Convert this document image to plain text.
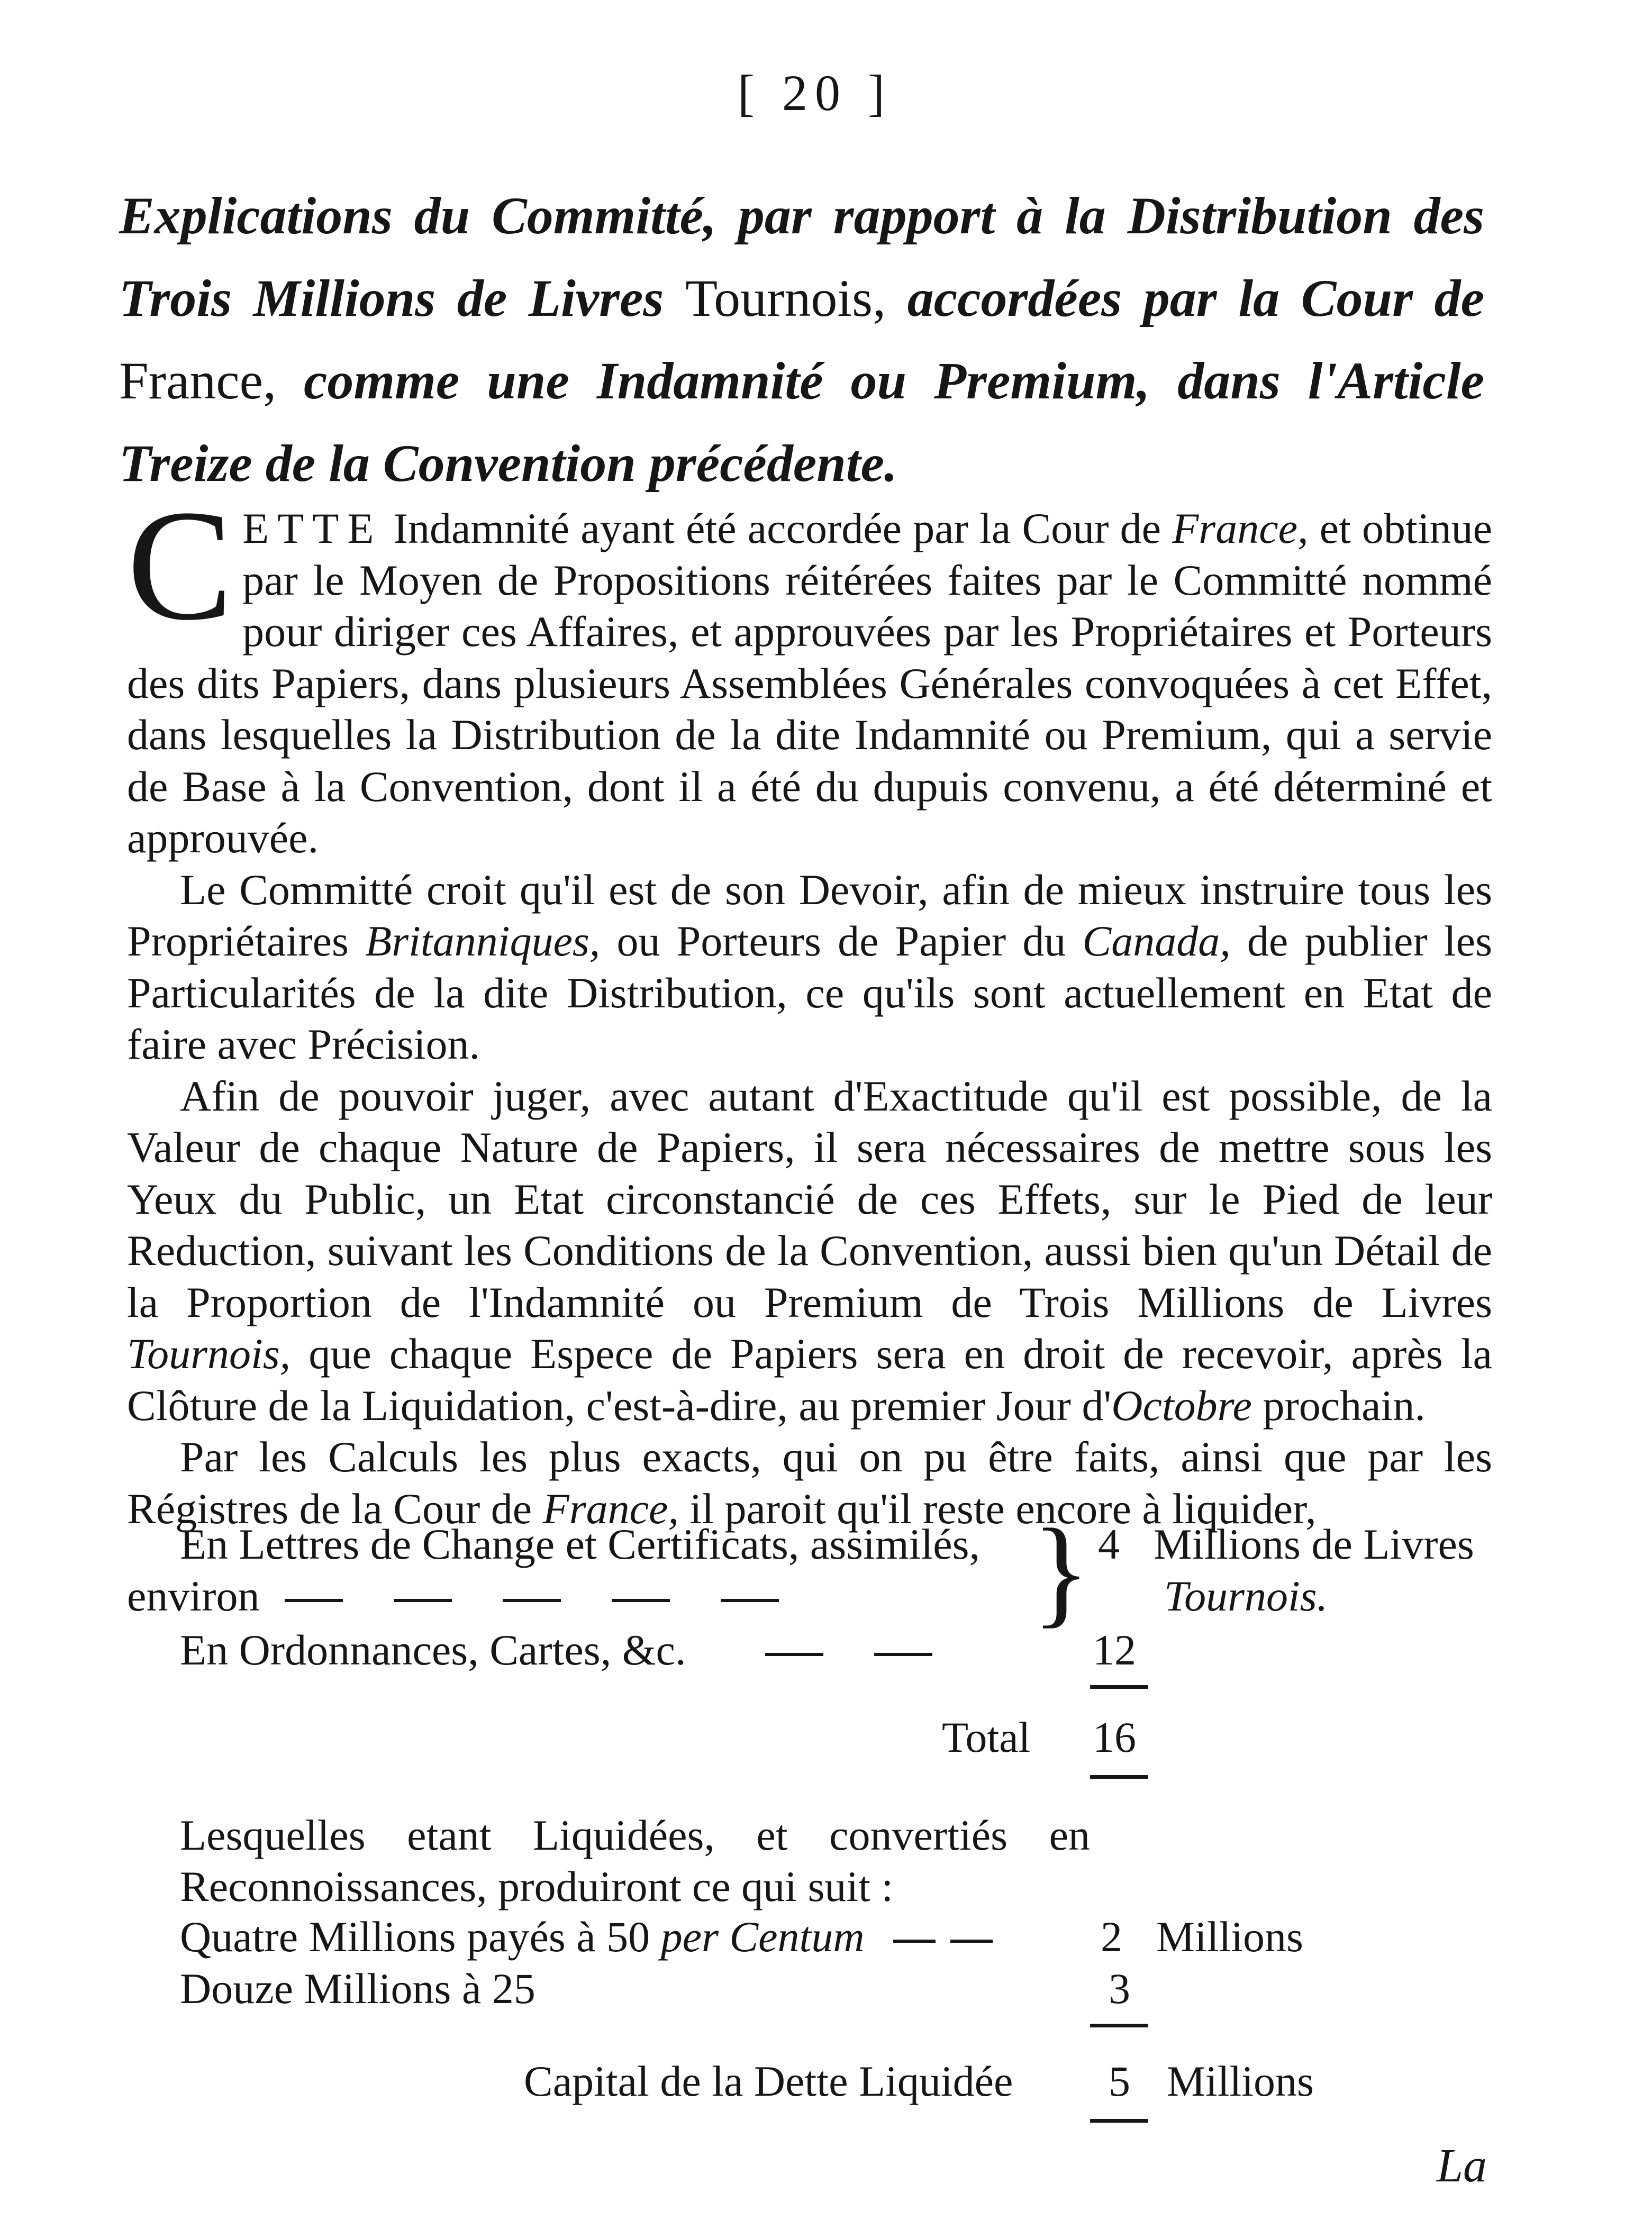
[ 20 ]
Explications du Committé, par rapport à la Distribution des Trois Millions de Livres Tournois, accordées par la Cour de France, comme une Indamnité ou Premium, dans l'Article Treize de la Convention précédente.

CETTE Indamnité ayant été accordée par la Cour de France, et obtinue par le Moyen de Propositions réitérées faites par le Committé nommé pour diriger ces Affaires, et approuvées par les Propriétaires et Porteurs des dits Papiers, dans plusieurs Assemblées Générales convoquées à cet Effet, dans lesquelles la Distribution de la dite Indamnité ou Premium, qui a servie de Base à la Convention, dont il a été du dupuis convenu, a été déterminé et approuvée.

Le Committé croit qu'il est de son Devoir, afin de mieux instruire tous les Propriétaires Britanniques, ou Porteurs de Papier du Canada, de publier les Particularités de la dite Distribution, ce qu'ils sont actuellement en Etat de faire avec Précision.

Afin de pouvoir juger, avec autant d'Exactitude qu'il est possible, de la Valeur de chaque Nature de Papiers, il sera nécessaires de mettre sous les Yeux du Public, un Etat circonstancié de ces Effets, sur le Pied de leur Reduction, suivant les Conditions de la Convention, aussi bien qu'un Détail de la Proportion de l'Indamnité ou Premium de Trois Millions de Livres Tournois, que chaque Espece de Papiers sera en droit de recevoir, après la Clôture de la Liquidation, c'est-à-dire, au premier Jour d'Octobre prochain.

Par les Calculs les plus exacts, qui on pu être faits, ainsi que par les Régistres de la Cour de France, il paroit qu'il reste encore à liquider,

En Lettres de Change et Certificats, assimilés,
environ	} 4 Millions de Livres
Tournois.
En Ordonnances, Cartes, &c.	12
Total 16
Lesquelles etant Liquidées, et convertiés en Reconnoissances, produiront ce qui suit :
Quatre Millions payés à 50 per Centum	2 Millions
Douze Millions à 25	3
Capital de la Dette Liquidée 5 Millions
La
